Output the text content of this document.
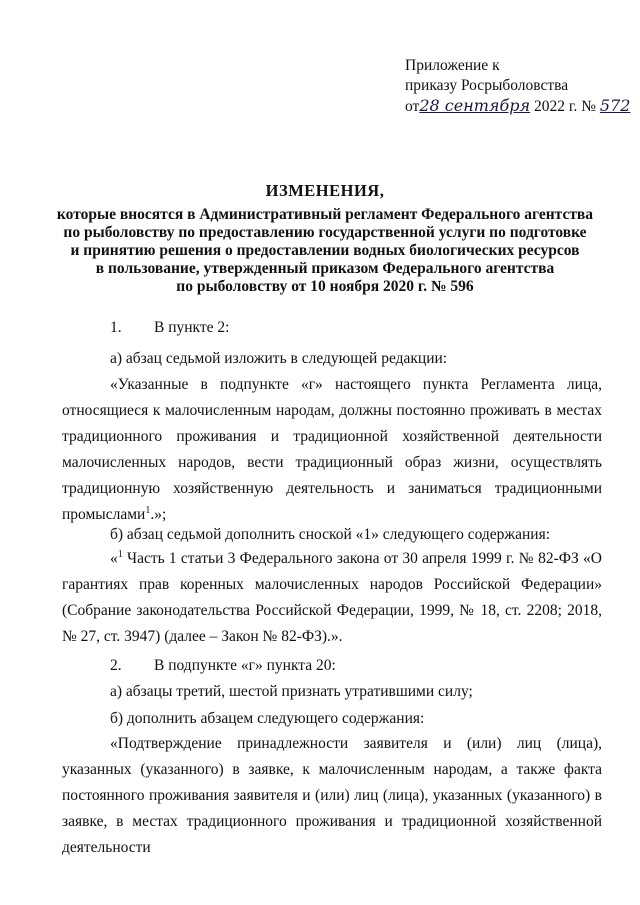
Приложение к
приказу Росрыболовства
от28 сентября 2022 г. № 572
ИЗМЕНЕНИЯ,
которые вносятся в Административный регламент Федерального агентства
по рыболовству по предоставлению государственной услуги по подготовке
и принятию решения о предоставлении водных биологических ресурсов
в пользование, утвержденный приказом Федерального агентства
по рыболовству от 10 ноября 2020 г. № 596
1. В пункте 2:
а) абзац седьмой изложить в следующей редакции:
«Указанные в подпункте «г» настоящего пункта Регламента лица, относящиеся к малочисленным народам, должны постоянно проживать в местах традиционного проживания и традиционной хозяйственной деятельности малочисленных народов, вести традиционный образ жизни, осуществлять традиционную хозяйственную деятельность и заниматься традиционными промыслами$^1$.»;
б) абзац седьмой дополнить сноской «1» следующего содержания:
«$^1$ Часть 1 статьи 3 Федерального закона от 30 апреля 1999 г. № 82-ФЗ «О гарантиях прав коренных малочисленных народов Российской Федерации» (Собрание законодательства Российской Федерации, 1999, № 18, ст. 2208; 2018, № 27, ст. 3947) (далее – Закон № 82-ФЗ).».
2. В подпункте «г» пункта 20:
а) абзацы третий, шестой признать утратившими силу;
б) дополнить абзацем следующего содержания:
«Подтверждение принадлежности заявителя и (или) лиц (лица), указанных (указанного) в заявке, к малочисленным народам, а также факта постоянного проживания заявителя и (или) лиц (лица), указанных (указанного) в заявке, в местах традиционного проживания и традиционной хозяйственной деятельности
